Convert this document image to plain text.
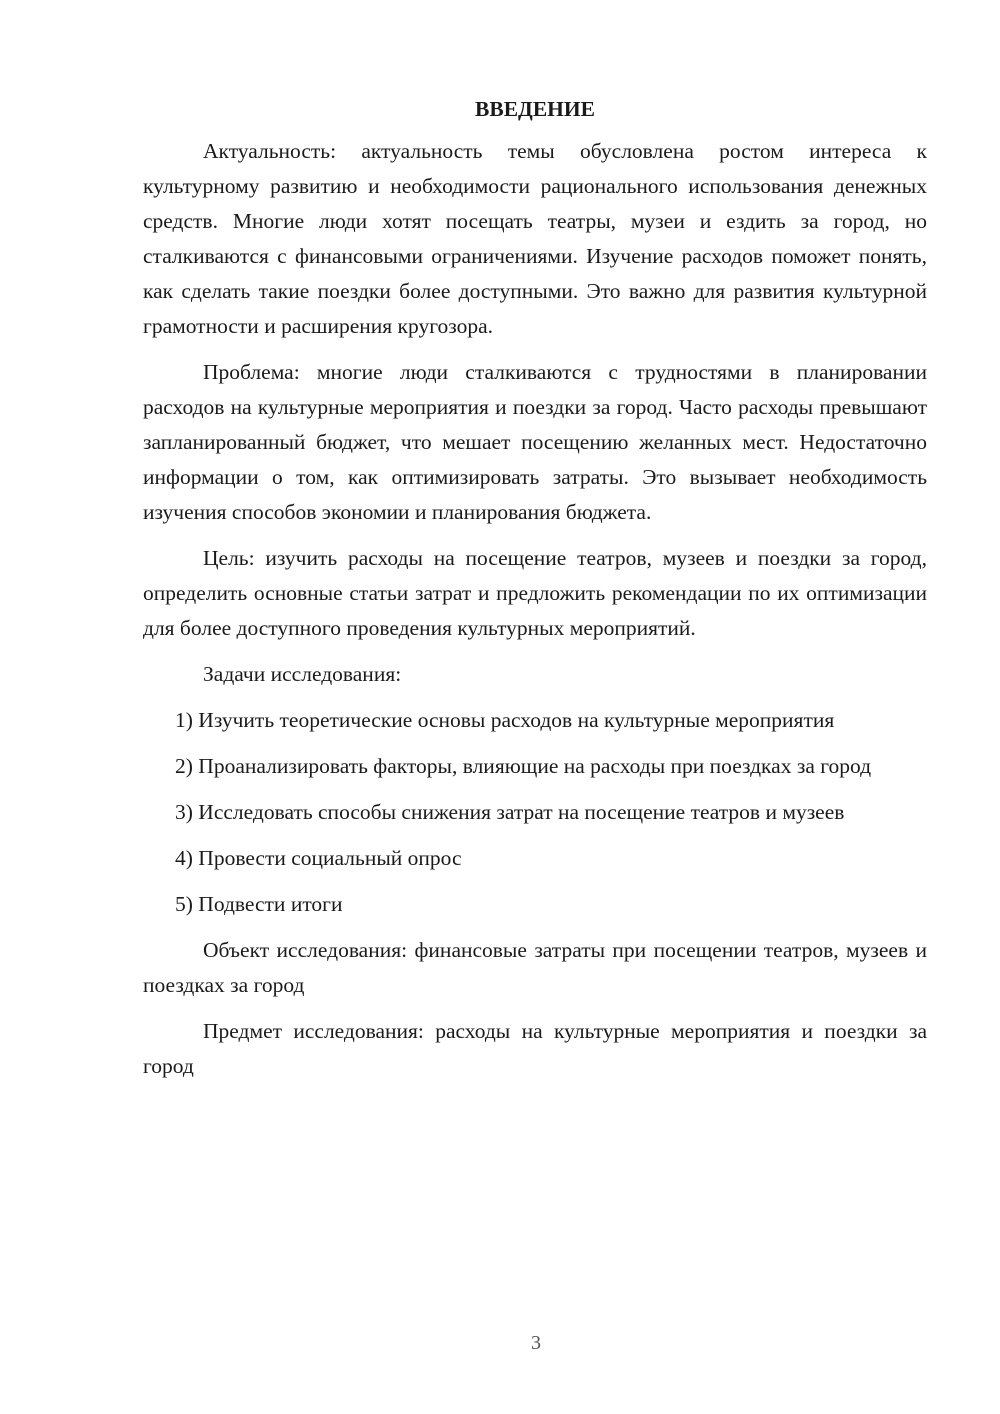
ВВЕДЕНИЕ

Актуальность: актуальность темы обусловлена ростом интереса к культурному развитию и необходимости рационального использования денежных средств. Многие люди хотят посещать театры, музеи и ездить за город, но сталкиваются с финансовыми ограничениями. Изучение расходов поможет понять, как сделать такие поездки более доступными. Это важно для развития культурной грамотности и расширения кругозора.

Проблема: многие люди сталкиваются с трудностями в планировании расходов на культурные мероприятия и поездки за город. Часто расходы превышают запланированный бюджет, что мешает посещению желанных мест. Недостаточно информации о том, как оптимизировать затраты. Это вызывает необходимость изучения способов экономии и планирования бюджета.

Цель: изучить расходы на посещение театров, музеев и поездки за город, определить основные статьи затрат и предложить рекомендации по их оптимизации для более доступного проведения культурных мероприятий.

Задачи исследования:

1) Изучить теоретические основы расходов на культурные мероприятия

2) Проанализировать факторы, влияющие на расходы при поездках за город

3) Исследовать способы снижения затрат на посещение театров и музеев

4) Провести социальный опрос

5) Подвести итоги

Объект исследования: финансовые затраты при посещении театров, музеев и поездках за город

Предмет исследования: расходы на культурные мероприятия и поездки за город

3
